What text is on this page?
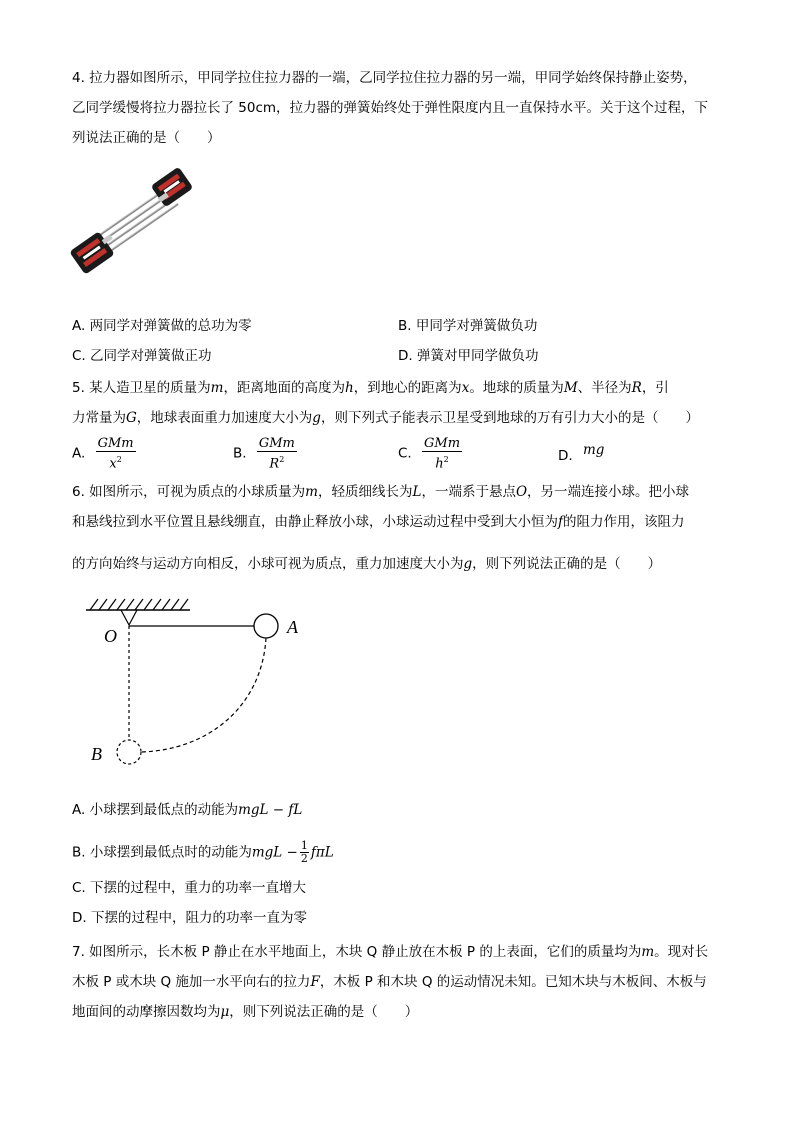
4. 拉力器如图所示，甲同学拉住拉力器的一端，乙同学拉住拉力器的另一端，甲同学始终保持静止姿势，
乙同学缓慢将拉力器拉长了 50cm，拉力器的弹簧始终处于弹性限度内且一直保持水平。关于这个过程，下
列说法正确的是（　　）
A. 两同学对弹簧做的总功为零	B. 甲同学对弹簧做负功
C. 乙同学对弹簧做正功	D. 弹簧对甲同学做负功
5. 某人造卫星的质量为m，距离地面的高度为h，到地心的距离为x。地球的质量为M、半径为R，引
力常量为G，地球表面重力加速度大小为g，则下列式子能表示卫星受到地球的万有引力大小的是（　　）
A. $\frac{\text{GMm}}{x^2}$	B. $\frac{\text{GMm}}{R^2}$	C. $\frac{\text{GMm}}{h^2}$	D. mg
6. 如图所示，可视为质点的小球质量为m，轻质细线长为L，一端系于悬点O，另一端连接小球。把小球
和悬线拉到水平位置且悬线绷直，由静止释放小球，小球运动过程中受到大小恒为f的阻力作用，该阻力
的方向始终与运动方向相反，小球可视为质点，重力加速度大小为g，则下列说法正确的是（　　）
O	A
B
A. 小球摆到最低点的动能为mgL − fL
B. 小球摆到最低点时的动能为mgL − $\frac{1}{2}$ fπL
C. 下摆的过程中，重力的功率一直增大
D. 下摆的过程中，阻力的功率一直为零
7. 如图所示，长木板 P 静止在水平地面上，木块 Q 静止放在木板 P 的上表面，它们的质量均为m。现对长
木板 P 或木块 Q 施加一水平向右的拉力F，木板 P 和木块 Q 的运动情况未知。已知木块与木板间、木板与
地面间的动摩擦因数均为μ，则下列说法正确的是（　　）
